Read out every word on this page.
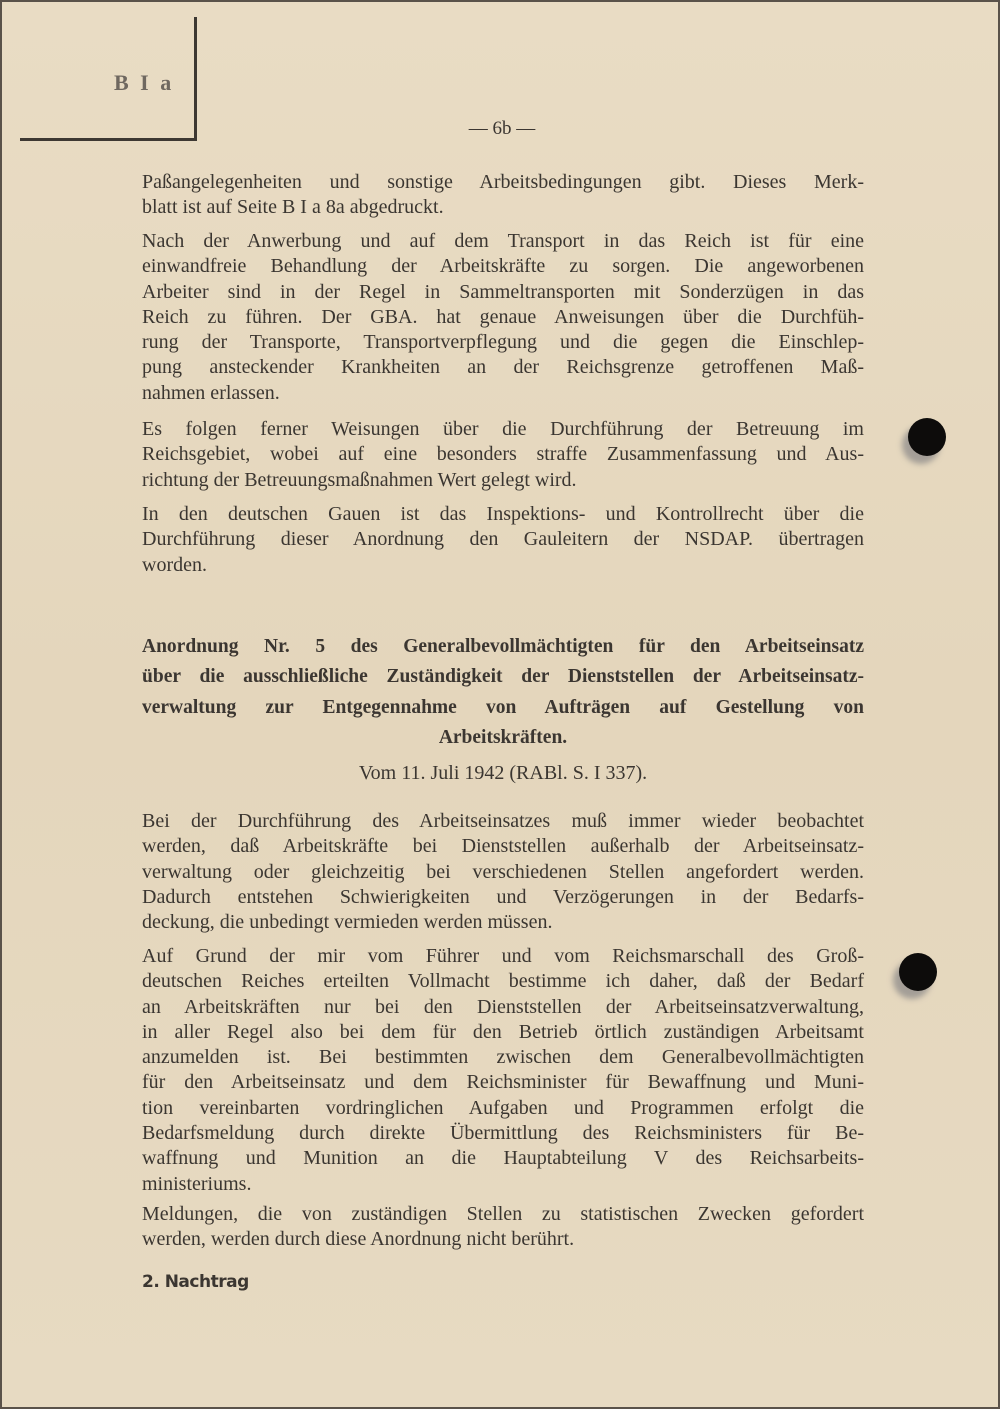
B I a
— 6b —
Paßangelegenheiten und sonstige Arbeitsbedingungen gibt. Dieses Merk-
blatt ist auf Seite B I a 8a abgedruckt.
Nach der Anwerbung und auf dem Transport in das Reich ist für eine
einwandfreie Behandlung der Arbeitskräfte zu sorgen. Die angeworbenen
Arbeiter sind in der Regel in Sammeltransporten mit Sonderzügen in das
Reich zu führen. Der GBA. hat genaue Anweisungen über die Durchfüh-
rung der Transporte, Transportverpflegung und die gegen die Einschlep-
pung ansteckender Krankheiten an der Reichsgrenze getroffenen Maß-
nahmen erlassen.
Es folgen ferner Weisungen über die Durchführung der Betreuung im
Reichsgebiet, wobei auf eine besonders straffe Zusammenfassung und Aus-
richtung der Betreuungsmaßnahmen Wert gelegt wird.
In den deutschen Gauen ist das Inspektions- und Kontrollrecht über die
Durchführung dieser Anordnung den Gauleitern der NSDAP. übertragen
worden.
Anordnung Nr. 5 des Generalbevollmächtigten für den Arbeitseinsatz
über die ausschließliche Zuständigkeit der Dienststellen der Arbeitseinsatz-
verwaltung zur Entgegennahme von Aufträgen auf Gestellung von
Arbeitskräften.
Vom 11. Juli 1942 (RABl. S. I 337).
Bei der Durchführung des Arbeitseinsatzes muß immer wieder beobachtet
werden, daß Arbeitskräfte bei Dienststellen außerhalb der Arbeitseinsatz-
verwaltung oder gleichzeitig bei verschiedenen Stellen angefordert werden.
Dadurch entstehen Schwierigkeiten und Verzögerungen in der Bedarfs-
deckung, die unbedingt vermieden werden müssen.
Auf Grund der mir vom Führer und vom Reichsmarschall des Groß-
deutschen Reiches erteilten Vollmacht bestimme ich daher, daß der Bedarf
an Arbeitskräften nur bei den Dienststellen der Arbeitseinsatzverwaltung,
in aller Regel also bei dem für den Betrieb örtlich zuständigen Arbeitsamt
anzumelden ist. Bei bestimmten zwischen dem Generalbevollmächtigten
für den Arbeitseinsatz und dem Reichsminister für Bewaffnung und Muni-
tion vereinbarten vordringlichen Aufgaben und Programmen erfolgt die
Bedarfsmeldung durch direkte Übermittlung des Reichsministers für Be-
waffnung und Munition an die Hauptabteilung V des Reichsarbeits-
ministeriums.
Meldungen, die von zuständigen Stellen zu statistischen Zwecken gefordert
werden, werden durch diese Anordnung nicht berührt.
2. Nachtrag
